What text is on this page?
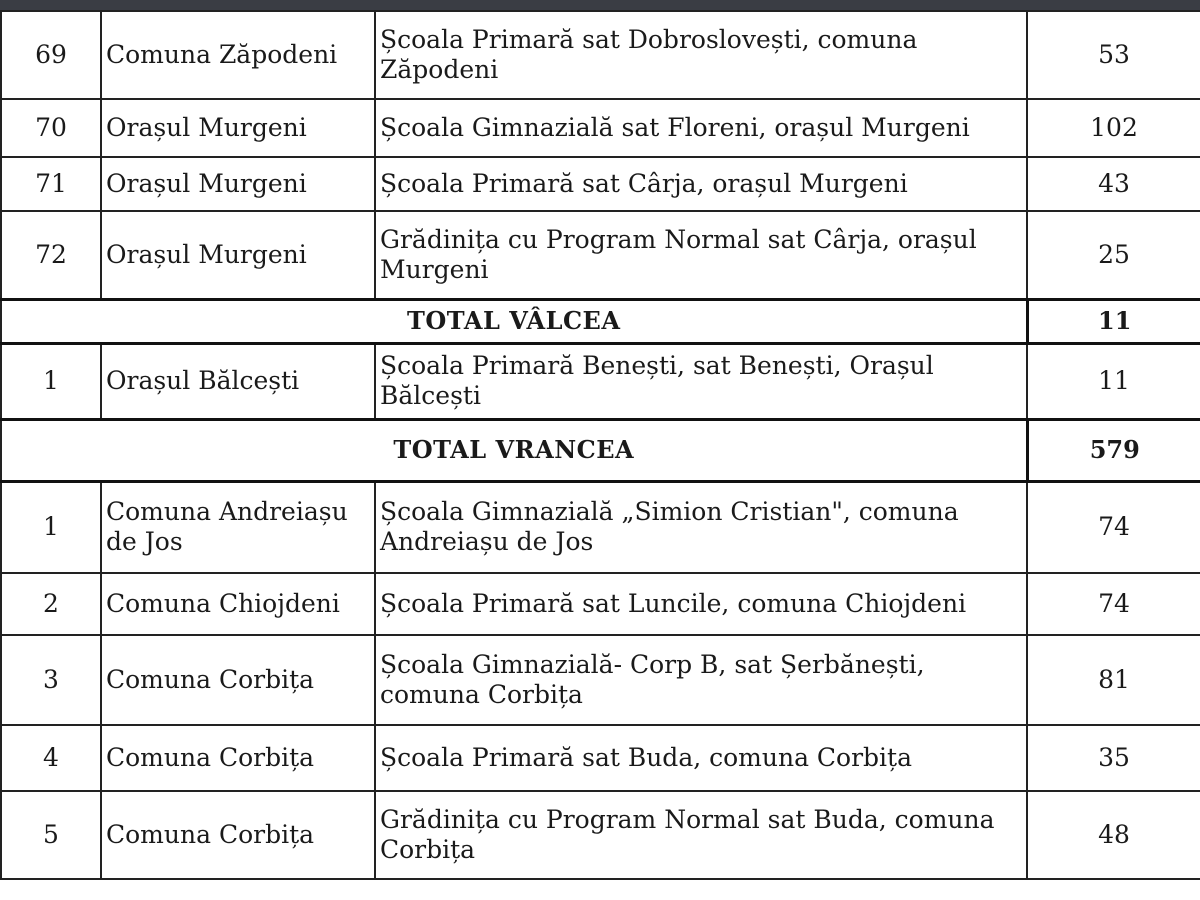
69	Comuna Zăpodeni	Școala Primară sat Dobroslovești, comuna Zăpodeni	53
70	Orașul Murgeni	Școala Gimnazială sat Floreni, orașul Murgeni	102
71	Orașul Murgeni	Școala Primară sat Cârja, orașul Murgeni	43
72	Orașul Murgeni	Grădinița cu Program Normal sat Cârja, orașul Murgeni	25
TOTAL VÂLCEA			11
1	Orașul Bălcești	Școala Primară Benești, sat Benești, Orașul Bălcești	11
TOTAL VRANCEA			579
1	Comuna Andreiașu de Jos	Școala Gimnazială „Simion Cristian", comuna Andreiașu de Jos	74
2	Comuna Chiojdeni	Școala Primară sat Luncile, comuna Chiojdeni	74
3	Comuna Corbița	Școala Gimnazială- Corp B, sat Șerbănești, comuna Corbița	81
4	Comuna Corbița	Școala Primară sat Buda, comuna Corbița	35
5	Comuna Corbița	Grădinița cu Program Normal sat Buda, comuna Corbița	48
